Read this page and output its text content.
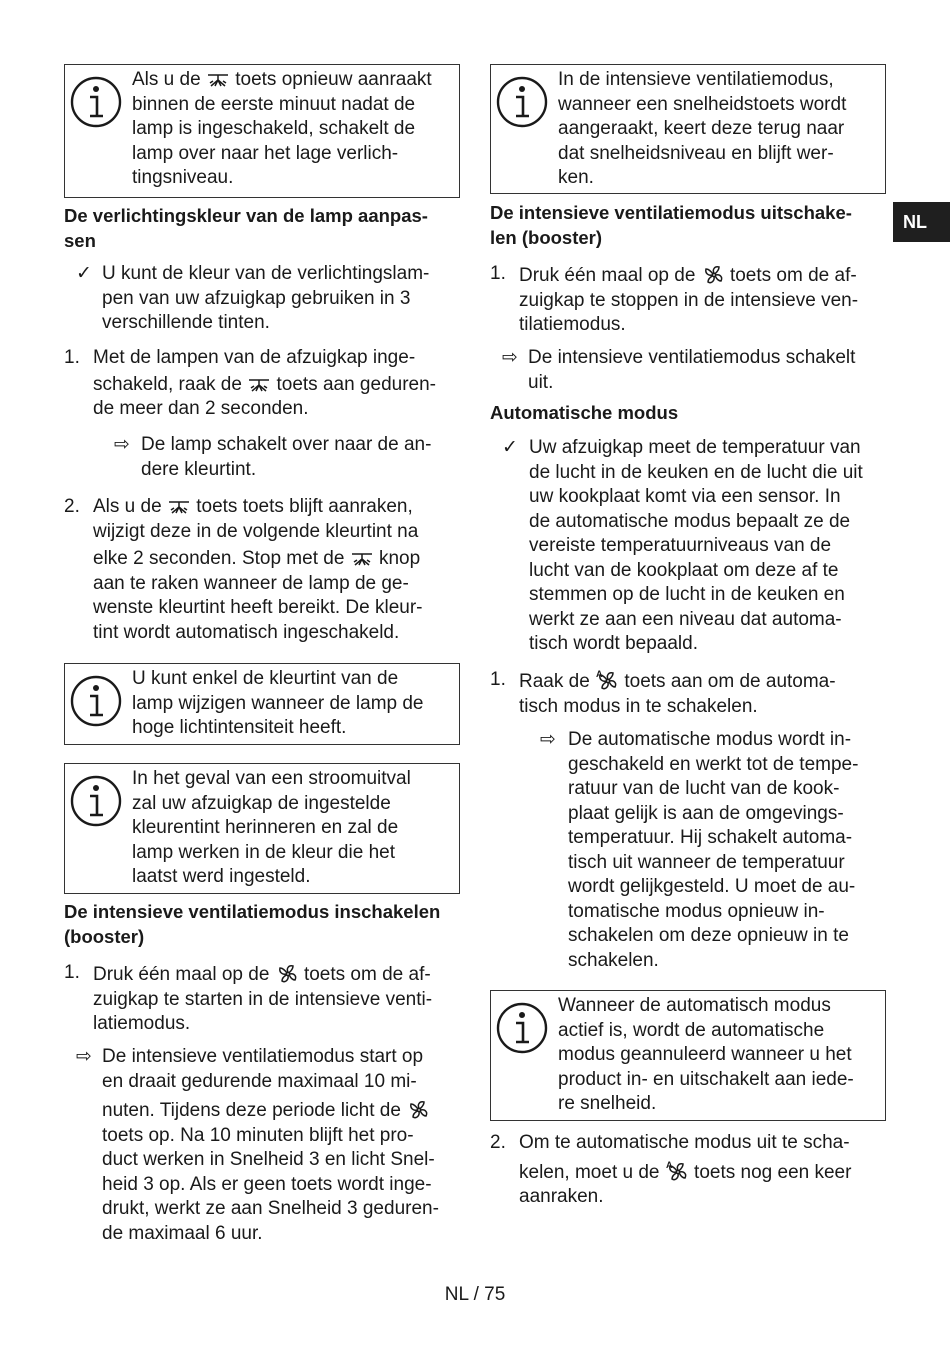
Als u de toets opnieuw aanraakt
binnen de eerste minuut nadat de
lamp is ingeschakeld, schakelt de
lamp over naar het lage verlich-
tingsniveau.
De verlichtingskleur van de lamp aanpas-
sen
✓ U kunt de kleur van de verlichtingslam-
pen van uw afzuigkap gebruiken in 3
verschillende tinten.
1. Met de lampen van de afzuigkap inge-
schakeld, raak de toets aan geduren-
de meer dan 2 seconden.
⇨ De lamp schakelt over naar de an-
dere kleurtint.
2. Als u de toets toets blijft aanraken,
wijzigt deze in de volgende kleurtint na
elke 2 seconden. Stop met de knop
aan te raken wanneer de lamp de ge-
wenste kleurtint heeft bereikt. De kleur-
tint wordt automatisch ingeschakeld.
U kunt enkel de kleurtint van de
lamp wijzigen wanneer de lamp de
hoge lichtintensiteit heeft.
In het geval van een stroomuitval
zal uw afzuigkap de ingestelde
kleurentint herinneren en zal de
lamp werken in de kleur die het
laatst werd ingesteld.
De intensieve ventilatiemodus inschakelen
(booster)
1. Druk één maal op de toets om de af-
zuigkap te starten in de intensieve venti-
latiemodus.
⇨ De intensieve ventilatiemodus start op
en draait gedurende maximaal 10 mi-
nuten. Tijdens deze periode licht de
toets op. Na 10 minuten blijft het pro-
duct werken in Snelheid 3 en licht Snel-
heid 3 op. Als er geen toets wordt inge-
drukt, werkt ze aan Snelheid 3 geduren-
de maximaal 6 uur.
In de intensieve ventilatiemodus,
wanneer een snelheidstoets wordt
aangeraakt, keert deze terug naar
dat snelheidsniveau en blijft wer-
ken.
De intensieve ventilatiemodus uitschake-
len (booster)
1. Druk één maal op de toets om de af-
zuigkap te stoppen in de intensieve ven-
tilatiemodus.
⇨ De intensieve ventilatiemodus schakelt
uit.
Automatische modus
✓ Uw afzuigkap meet de temperatuur van
de lucht in de keuken en de lucht die uit
uw kookplaat komt via een sensor. In
de automatische modus bepaalt ze de
vereiste temperatuurniveaus van de
lucht van de kookplaat om deze af te
stemmen op de lucht in de keuken en
werkt ze aan een niveau dat automa-
tisch wordt bepaald.
1. Raak de A toets aan om de automa-
tisch modus in te schakelen.
⇨ De automatische modus wordt in-
geschakeld en werkt tot de tempe-
ratuur van de lucht van de kook-
plaat gelijk is aan de omgevings-
temperatuur. Hij schakelt automa-
tisch uit wanneer de temperatuur
wordt gelijkgesteld. U moet de au-
tomatische modus opnieuw in-
schakelen om deze opnieuw in te
schakelen.
Wanneer de automatisch modus
actief is, wordt de automatische
modus geannuleerd wanneer u het
product in- en uitschakelt aan iede-
re snelheid.
2. Om te automatische modus uit te scha-
kelen, moet u de A toets nog een keer
aanraken.
NL
NL / 75
